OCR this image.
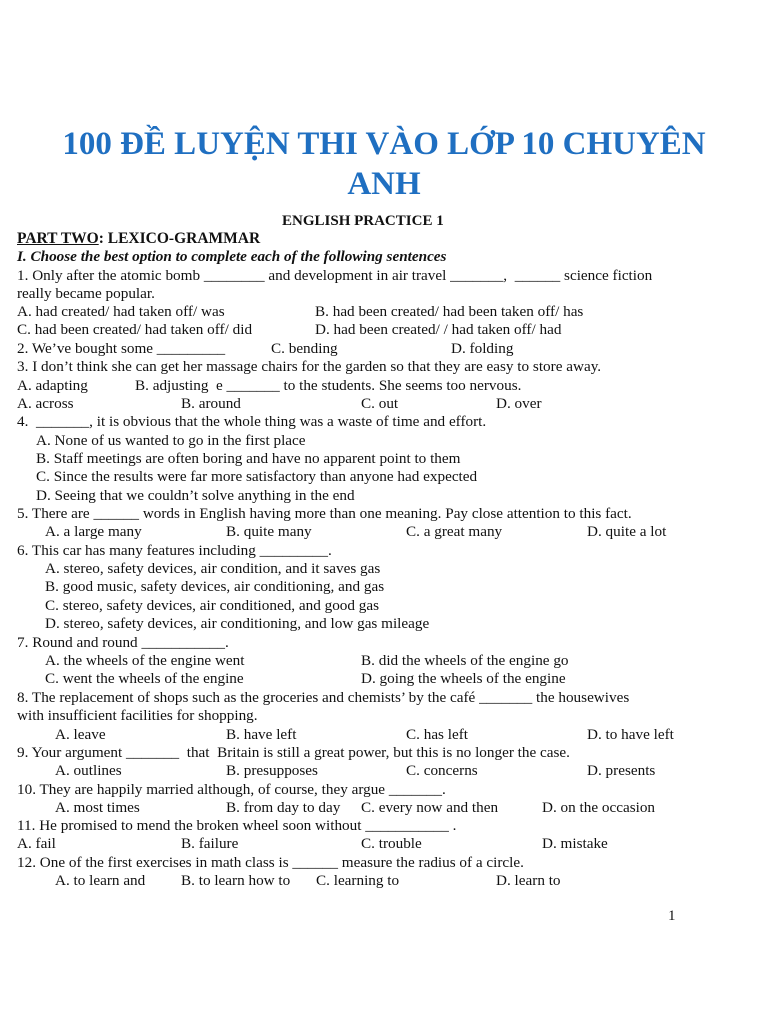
100 ĐỀ LUYỆN THI VÀO LỚP 10 CHUYÊN
ANH
ENGLISH PRACTICE 1
PART TWO: LEXICO-GRAMMAR
I. Choose the best option to complete each of the following sentences
1. Only after the atomic bomb ________ and development in air travel _______,  ______ science fiction
really became popular.
A. had created/ had taken off/ was	B. had been created/ had been taken off/ has
C. had been created/ had taken off/ did	D. had been created/ / had taken off/ had
2. We’ve bought some _________	C. bending	D. folding
3. I don’t think she can get her massage chairs for the garden so that they are easy to store away.
A. adapting	B. adjusting  e _______ to the students. She seems too nervous.
A. across	B. around	C. out	D. over
4.  _______, it is obvious that the whole thing was a waste of time and effort.
A. None of us wanted to go in the first place
B. Staff meetings are often boring and have no apparent point to them
C. Since the results were far more satisfactory than anyone had expected
D. Seeing that we couldn’t solve anything in the end
5. There are ______ words in English having more than one meaning. Pay close attention to this fact.
A. a large many	B. quite many	C. a great many	D. quite a lot
6. This car has many features including _________.
A. stereo, safety devices, air condition, and it saves gas
B. good music, safety devices, air conditioning, and gas
C. stereo, safety devices, air conditioned, and good gas
D. stereo, safety devices, air conditioning, and low gas mileage
7. Round and round ___________.
A. the wheels of the engine went	B. did the wheels of the engine go
C. went the wheels of the engine	D. going the wheels of the engine
8. The replacement of shops such as the groceries and chemists’ by the café _______ the housewives
with insufficient facilities for shopping.
A. leave	B. have left	C. has left	D. to have left
9. Your argument _______  that  Britain is still a great power, but this is no longer the case.
A. outlines	B. presupposes	C. concerns	D. presents
10. They are happily married although, of course, they argue _______.
A. most times	B. from day to day C. every now and then	D. on the occasion
11. He promised to mend the broken wheel soon without ___________ .
A. fail	B. failure	C. trouble	D. mistake
12. One of the first exercises in math class is ______ measure the radius of a circle.
A. to learn and B. to learn how to C. learning to	D. learn to
1
